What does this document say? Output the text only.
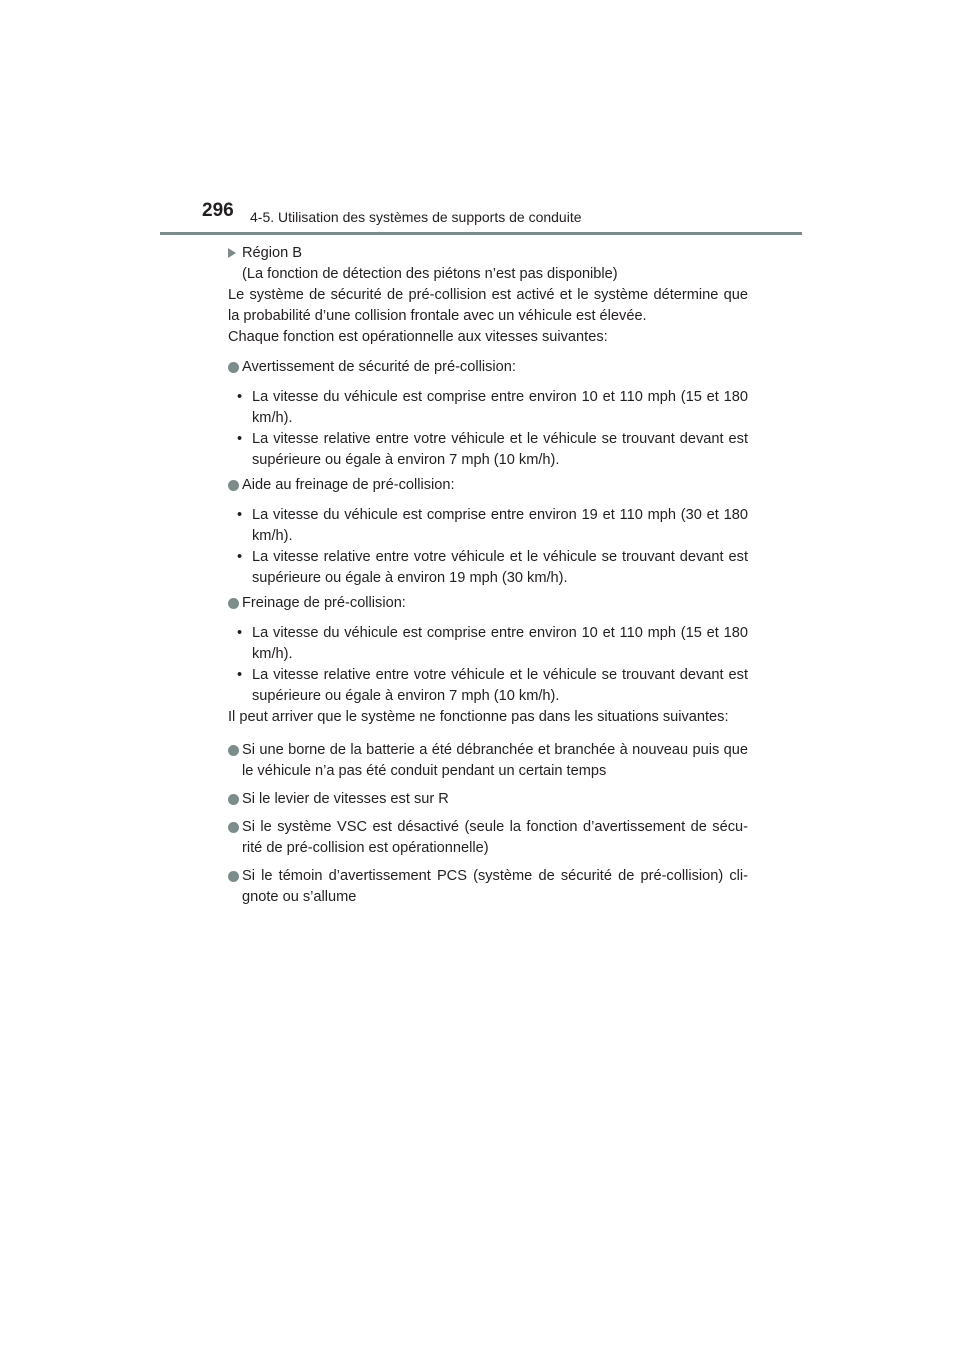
296 4-5. Utilisation des systèmes de supports de conduite
Région B

(La fonction de détection des piétons n’est pas disponible)

Le système de sécurité de pré-collision est activé et le système détermine que la probabilité d’une collision frontale avec un véhicule est élevée.

Chaque fonction est opérationnelle aux vitesses suivantes:

Avertissement de sécurité de pré-collision:
• La vitesse du véhicule est comprise entre environ 10 et 110 mph (15 et 180 km/h).
• La vitesse relative entre votre véhicule et le véhicule se trouvant devant est supérieure ou égale à environ 7 mph (10 km/h).
Aide au freinage de pré-collision:
• La vitesse du véhicule est comprise entre environ 19 et 110 mph (30 et 180 km/h).
• La vitesse relative entre votre véhicule et le véhicule se trouvant devant est supérieure ou égale à environ 19 mph (30 km/h).
Freinage de pré-collision:
• La vitesse du véhicule est comprise entre environ 10 et 110 mph (15 et 180 km/h).
• La vitesse relative entre votre véhicule et le véhicule se trouvant devant est supérieure ou égale à environ 7 mph (10 km/h).

Il peut arriver que le système ne fonctionne pas dans les situations suivantes:

Si une borne de la batterie a été débranchée et branchée à nouveau puis que le véhicule n’a pas été conduit pendant un certain temps
Si le levier de vitesses est sur R
Si le système VSC est désactivé (seule la fonction d’avertissement de sécu-rité de pré-collision est opérationnelle)
Si le témoin d’avertissement PCS (système de sécurité de pré-collision) cli-gnote ou s’allume
